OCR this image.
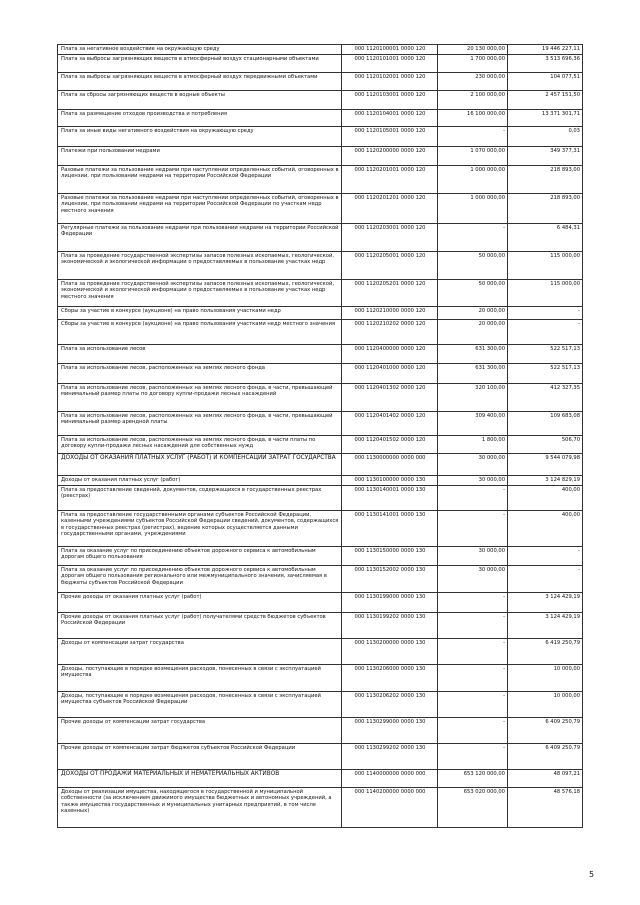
Плата за негативное воздействие на окружающую среду	000 1120100001 0000 120	20 130 000,00	19 446 227,11
Плата за выбросы загрязняющих веществ в атмосферный воздух стационарными объектами	000 1120101001 0000 120	1 700 000,00	3 513 696,36
Плата за выбросы загрязняющих веществ в атмосферный воздух передвижными объектами	000 1120102001 0000 120	230 000,00	104 077,51
Плата за сбросы загрязняющих веществ в водные объекты	000 1120103001 0000 120	2 100 000,00	2 457 151,50
Плата за размещение отходов производства и потребления	000 1120104001 0000 120	16 100 000,00	13 371 301,71
Плата за иные виды негативного воздействия на окружающую среду	000 1120105001 0000 120	-	0,03
Платежи при пользовании недрами	000 1120200000 0000 120	1 070 000,00	349 377,31
Разовые платежи за пользование недрами при наступлении определенных событий, оговоренных в лицензии, при пользовании недрами на территории Российской Федерации	000 1120201001 0000 120	1 000 000,00	218 893,00
Разовые платежи за пользование недрами при наступлении определенных событий, оговоренных в лицензии, при пользовании недрами на территории Российской Федерации по участкам недр местного значения	000 1120201201 0000 120	1 000 000,00	218 893,00
Регулярные платежи за пользование недрами при пользовании недрами на территории Российской Федерации	000 1120203001 0000 120	-	6 484,31
Плата за проведение государственной экспертизы запасов полезных ископаемых, геологической, экономической и экологической информации о предоставляемых в пользование участках недр	000 1120205001 0000 120	50 000,00	115 000,00
Плата за проведение государственной экспертизы запасов полезных ископаемых, геологической, экономической и экологической информации о предоставляемых в пользование участках недр местного значения	000 1120205201 0000 120	50 000,00	115 000,00
Сборы за участие в конкурсе (аукционе) на право пользования участками недр	000 1120210000 0000 120	20 000,00	-
Сборы за участие в конкурсе (аукционе) на право пользования участками недр местного значения	000 1120210202 0000 120	20 000,00	-
Плата за использование лесов	000 1120400000 0000 120	631 300,00	522 517,13
Плата за использование лесов, расположенных на землях лесного фонда	000 1120401000 0000 120	631 300,00	522 517,13
Плата за использование лесов, расположенных на землях лесного фонда, в части, превышающей минимальный размер платы по договору купли-продажи лесных насаждений	000 1120401302 0000 120	320 100,00	412 327,35
Плата за использование лесов, расположенных на землях лесного фонда, в части, превышающей минимальный размер арендной платы	000 1120401402 0000 120	309 400,00	109 683,08
Плата за использование лесов, расположенных на землях лесного фонда, в части платы по договору купли-продажи лесных насаждений для собственных нужд	000 1120401502 0000 120	1 800,00	506,70
ДОХОДЫ ОТ ОКАЗАНИЯ ПЛАТНЫХ УСЛУГ (РАБОТ) И КОМПЕНСАЦИИ ЗАТРАТ ГОСУДАРСТВА	000 1130000000 0000 000	30 000,00	9 544 079,98
Доходы от оказания платных услуг (работ)	000 1130100000 0000 130	30 000,00	3 124 829,19
Плата за предоставление сведений, документов, содержащихся в государственных реестрах (реестрах)	000 1130140001 0000 130	-	400,00
Плата за предоставление государственными органами субъектов Российской Федерации, казенными учреждениями субъектов Российской Федерации сведений, документов, содержащихся в государственных реестрах (регистрах), ведение которых осуществляется данными государственными органами, учреждениями	000 1130141001 0000 130	-	400,00
Плата за оказание услуг по присоединению объектов дорожного сервиса к автомобильным дорогам общего пользования	000 1130150000 0000 130	30 000,00	-
Плата за оказание услуг по присоединению объектов дорожного сервиса к автомобильным дорогам общего пользования регионального или межмуниципального значения, зачисляемая в бюджеты субъектов Российской Федерации	000 1130152002 0000 130	30 000,00	-
Прочие доходы от оказания платных услуг (работ)	000 1130199000 0000 130	-	3 124 429,19
Прочие доходы от оказания платных услуг (работ) получателями средств бюджетов субъектов Российской Федерации	000 1130199202 0000 130	-	3 124 429,19
Доходы от компенсации затрат государства	000 1130200000 0000 130	-	6 419 250,79
Доходы, поступающие в порядке возмещения расходов, понесенных в связи с эксплуатацией имущества	000 1130206000 0000 130	-	10 000,00
Доходы, поступающие в порядке возмещения расходов, понесенных в связи с эксплуатацией имущества субъектов Российской Федерации	000 1130206202 0000 130	-	10 000,00
Прочие доходы от компенсации затрат государства	000 1130299000 0000 130	-	6 409 250,79
Прочие доходы от компенсации затрат бюджетов субъектов Российской Федерации	000 1130299202 0000 130	-	6 409 250,79
ДОХОДЫ ОТ ПРОДАЖИ МАТЕРИАЛЬНЫХ И НЕМАТЕРИАЛЬНЫХ АКТИВОВ	000 1140000000 0000 000	653 120 000,00	48 097,21
Доходы от реализации имущества, находящегося в государственной и муниципальной собственности (за исключением движимого имущества бюджетных и автономных учреждений, а также имущества государственных и муниципальных унитарных предприятий, в том числе казенных)	000 1140200000 0000 000	653 020 000,00	48 576,18
5
